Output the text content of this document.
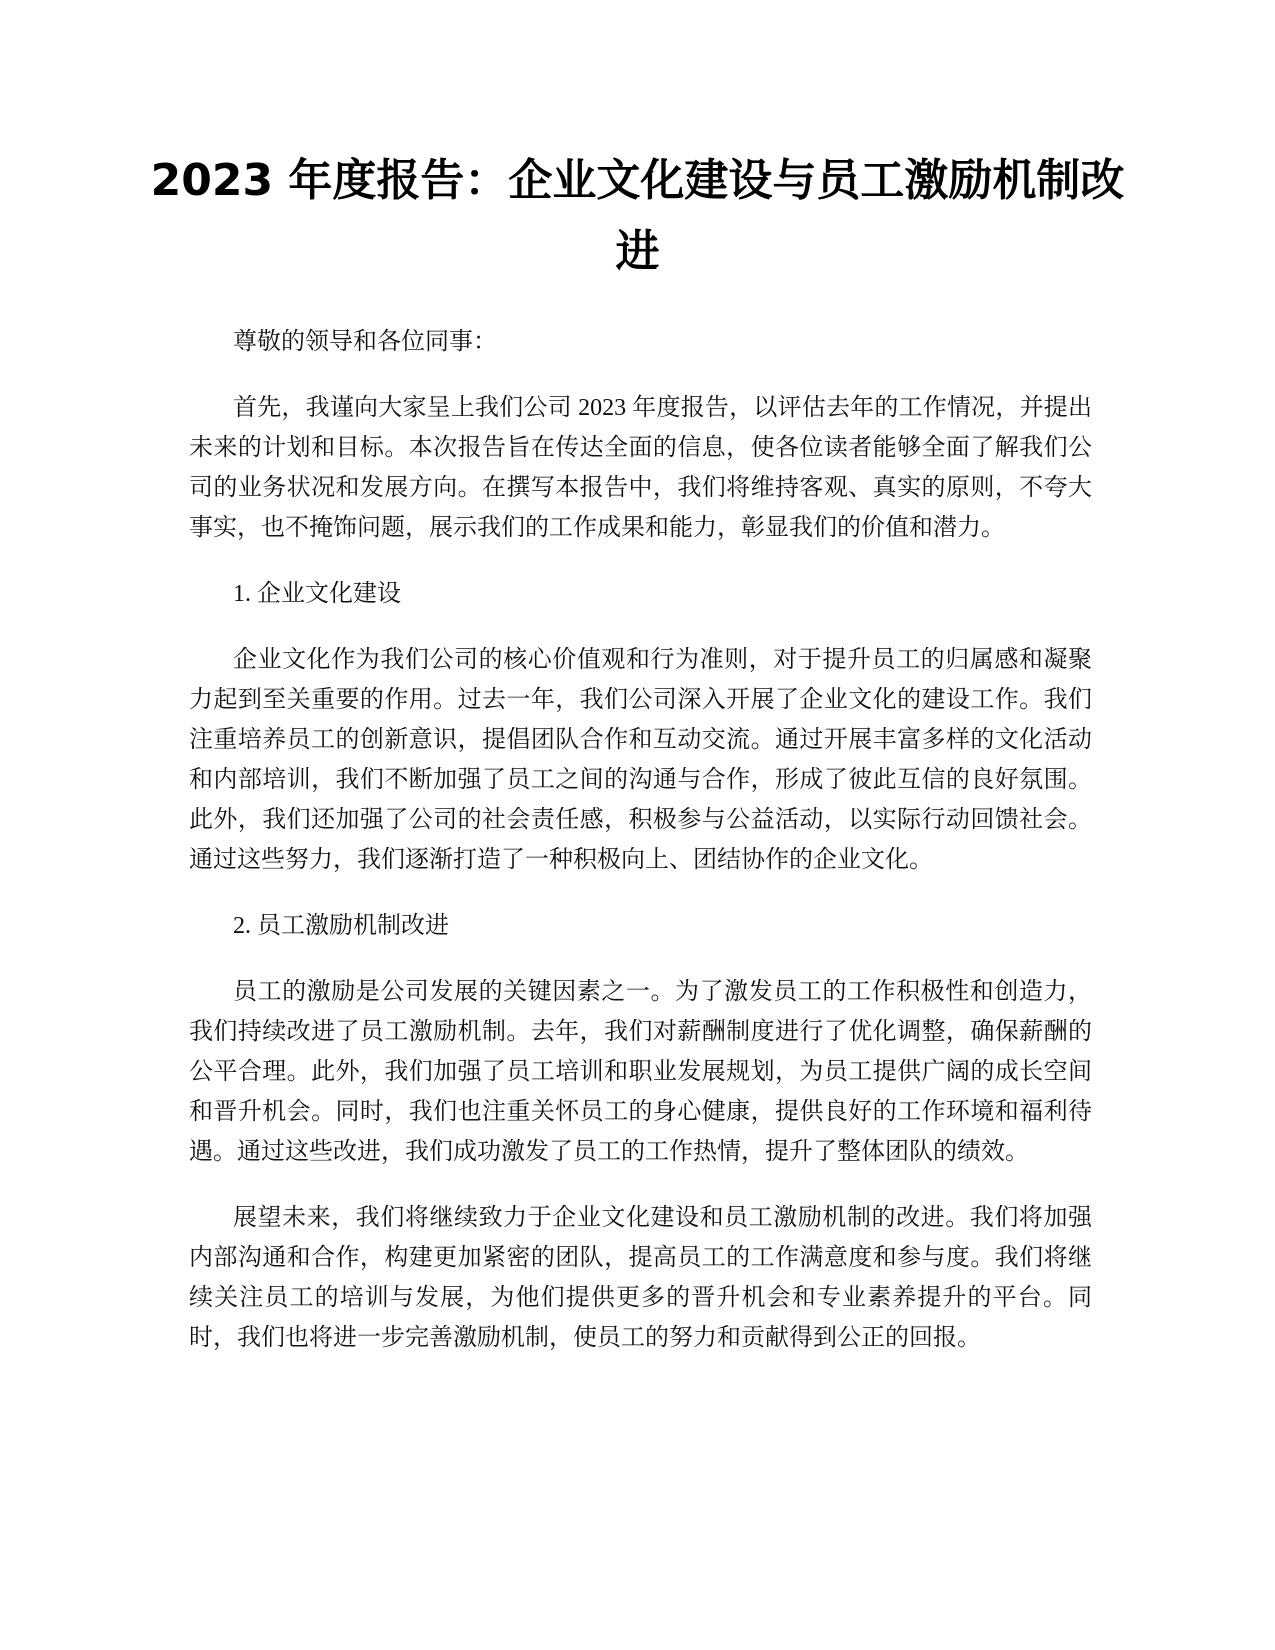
2023 年度报告：企业文化建设与员工激励机制改进

尊敬的领导和各位同事：

首先，我谨向大家呈上我们公司 2023 年度报告，以评估去年的工作情况，并提出未来的计划和目标。本次报告旨在传达全面的信息，使各位读者能够全面了解我们公司的业务状况和发展方向。在撰写本报告中，我们将维持客观、真实的原则，不夸大事实，也不掩饰问题，展示我们的工作成果和能力，彰显我们的价值和潜力。

1. 企业文化建设

企业文化作为我们公司的核心价值观和行为准则，对于提升员工的归属感和凝聚力起到至关重要的作用。过去一年，我们公司深入开展了企业文化的建设工作。我们注重培养员工的创新意识，提倡团队合作和互动交流。通过开展丰富多样的文化活动和内部培训，我们不断加强了员工之间的沟通与合作，形成了彼此互信的良好氛围。此外，我们还加强了公司的社会责任感，积极参与公益活动，以实际行动回馈社会。通过这些努力，我们逐渐打造了一种积极向上、团结协作的企业文化。

2. 员工激励机制改进

员工的激励是公司发展的关键因素之一。为了激发员工的工作积极性和创造力，我们持续改进了员工激励机制。去年，我们对薪酬制度进行了优化调整，确保薪酬的公平合理。此外，我们加强了员工培训和职业发展规划，为员工提供广阔的成长空间和晋升机会。同时，我们也注重关怀员工的身心健康，提供良好的工作环境和福利待遇。通过这些改进，我们成功激发了员工的工作热情，提升了整体团队的绩效。

展望未来，我们将继续致力于企业文化建设和员工激励机制的改进。我们将加强内部沟通和合作，构建更加紧密的团队，提高员工的工作满意度和参与度。我们将继续关注员工的培训与发展，为他们提供更多的晋升机会和专业素养提升的平台。同时，我们也将进一步完善激励机制，使员工的努力和贡献得到公正的回报。
